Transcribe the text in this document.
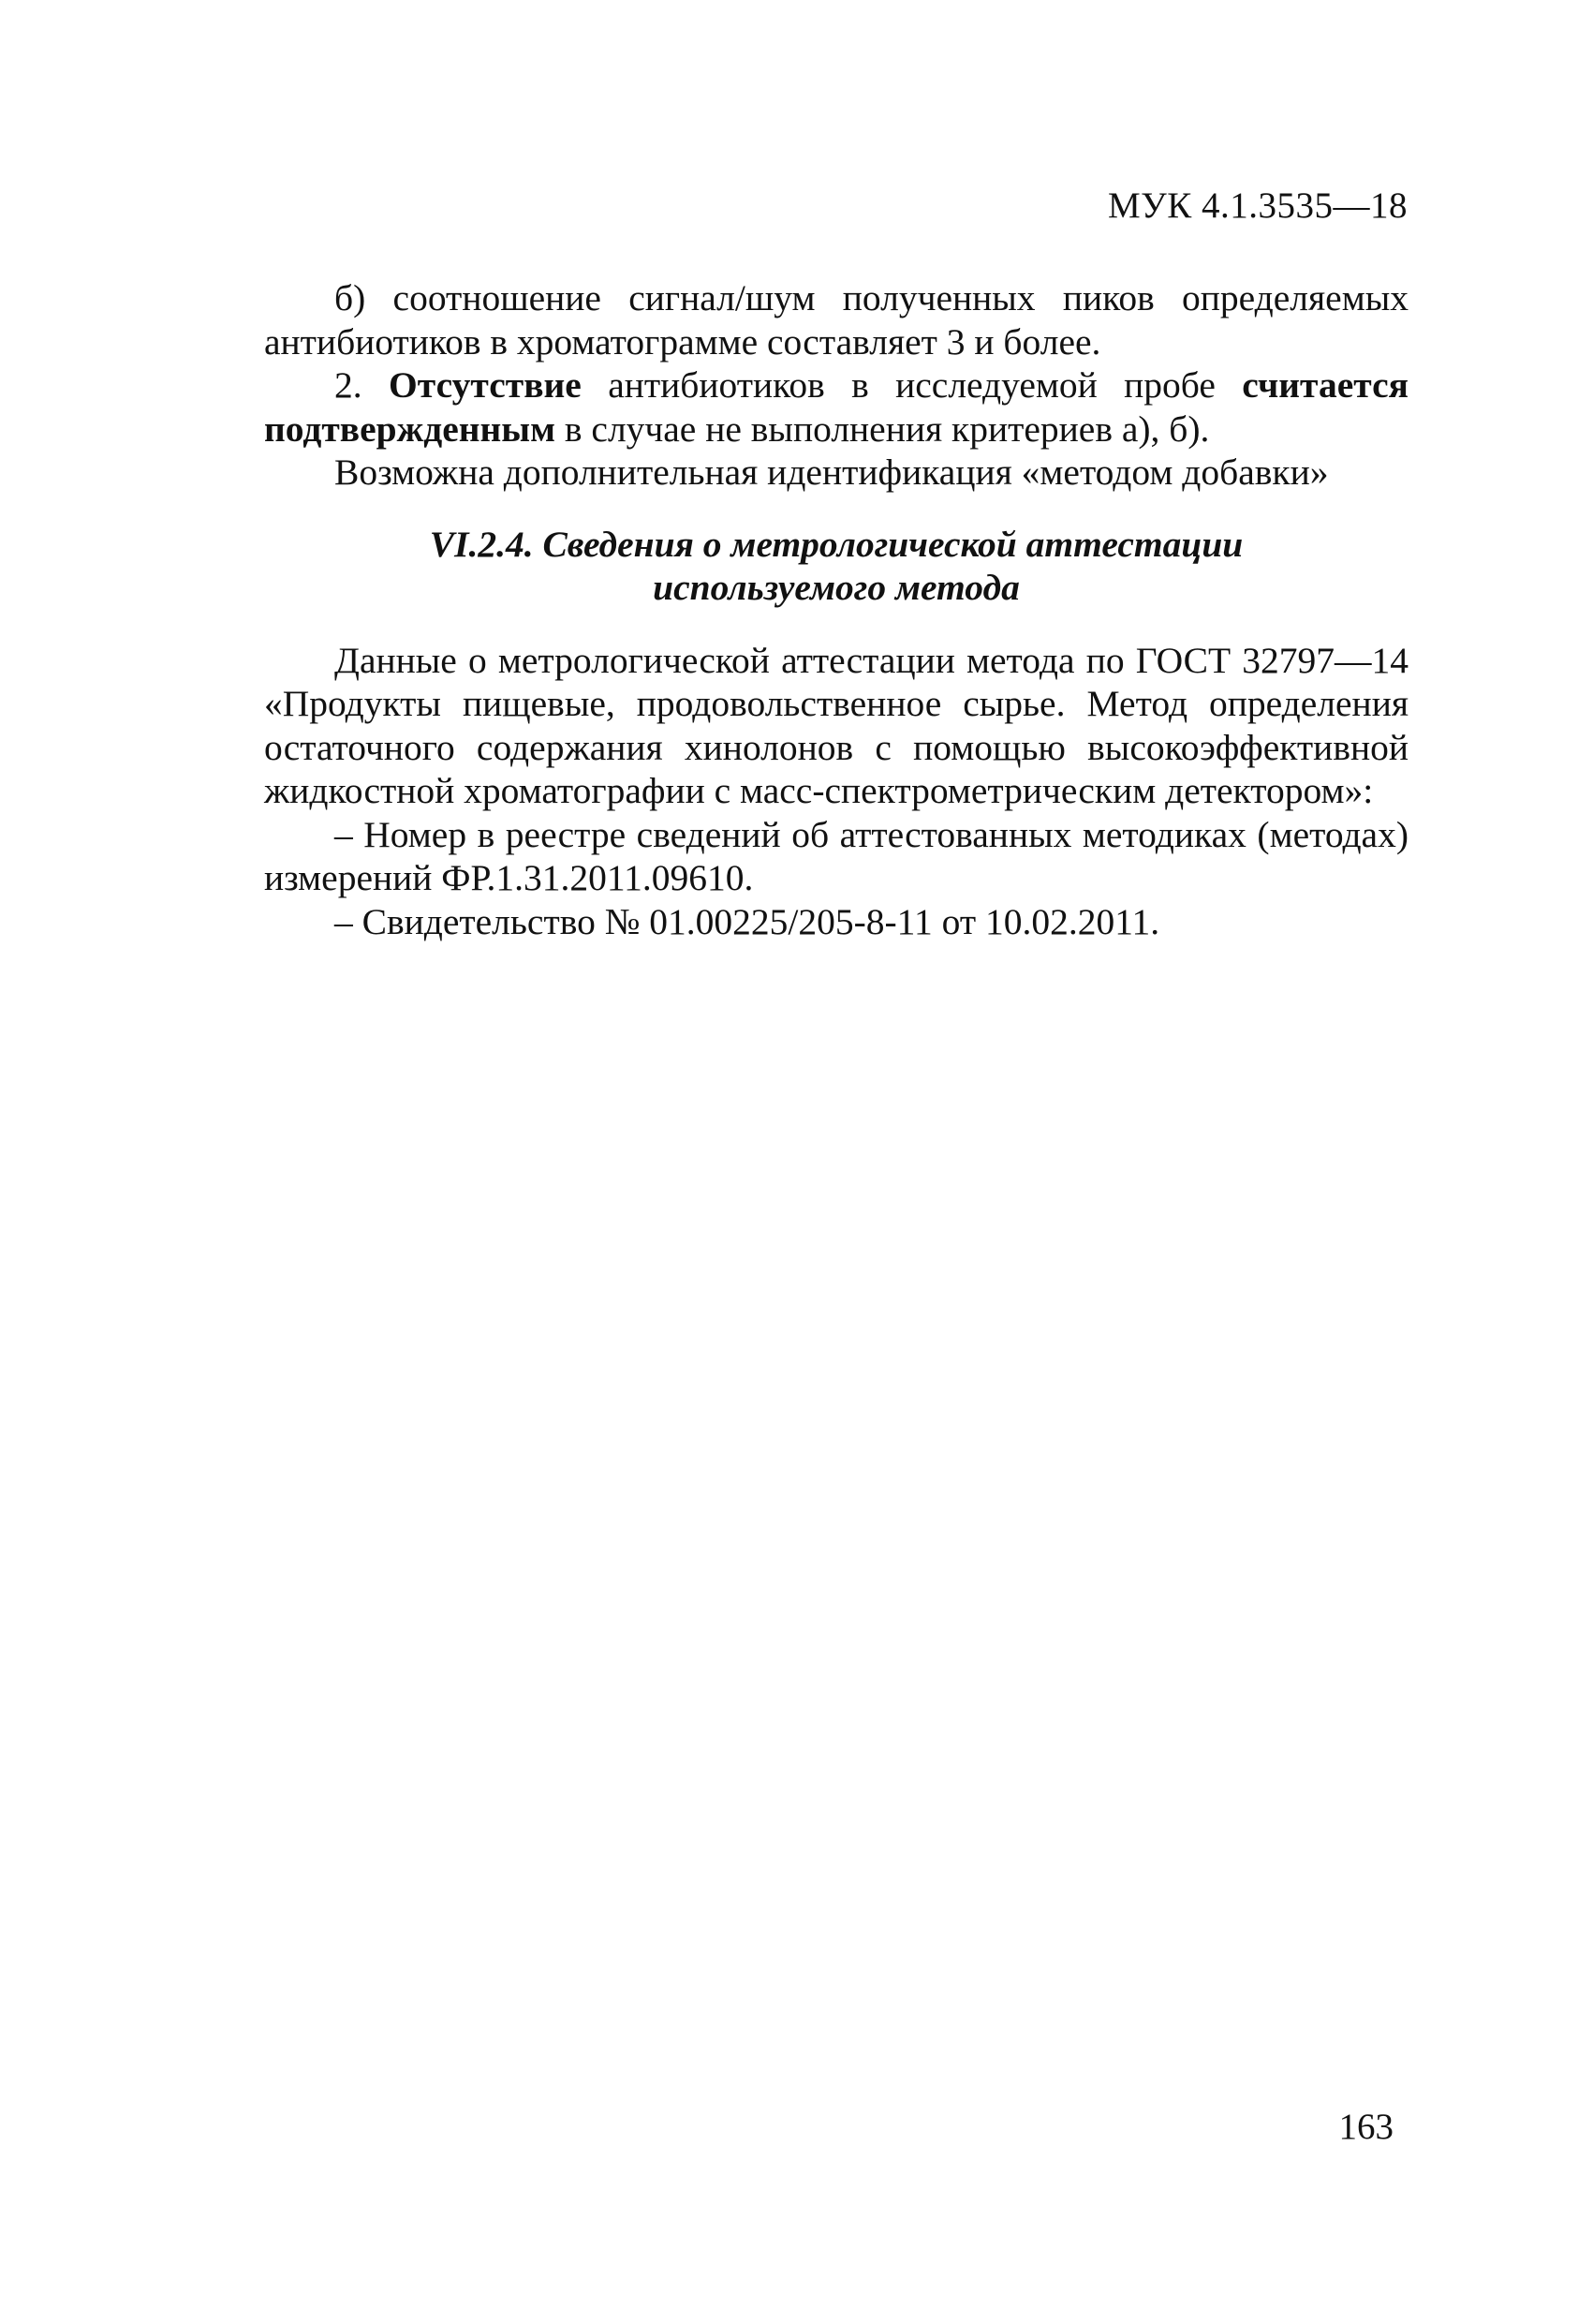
МУК 4.1.3535—18

б) соотношение сигнал/шум полученных пиков определяемых антибиотиков в хроматограмме составляет 3 и более.

2. Отсутствие антибиотиков в исследуемой пробе считается подтвержденным в случае не выполнения критериев а), б).

Возможна дополнительная идентификация «методом добавки»

VI.2.4. Сведения о метрологической аттестации
используемого метода

Данные о метрологической аттестации метода по ГОСТ 32797—14 «Продукты пищевые, продовольственное сырье. Метод определения остаточного содержания хинолонов с помощью высокоэффективной жидкостной хроматографии с масс-спектрометрическим детектором»:

– Номер в реестре сведений об аттестованных методиках (методах) измерений ФР.1.31.2011.09610.

– Свидетельство № 01.00225/205-8-11 от 10.02.2011.

163
